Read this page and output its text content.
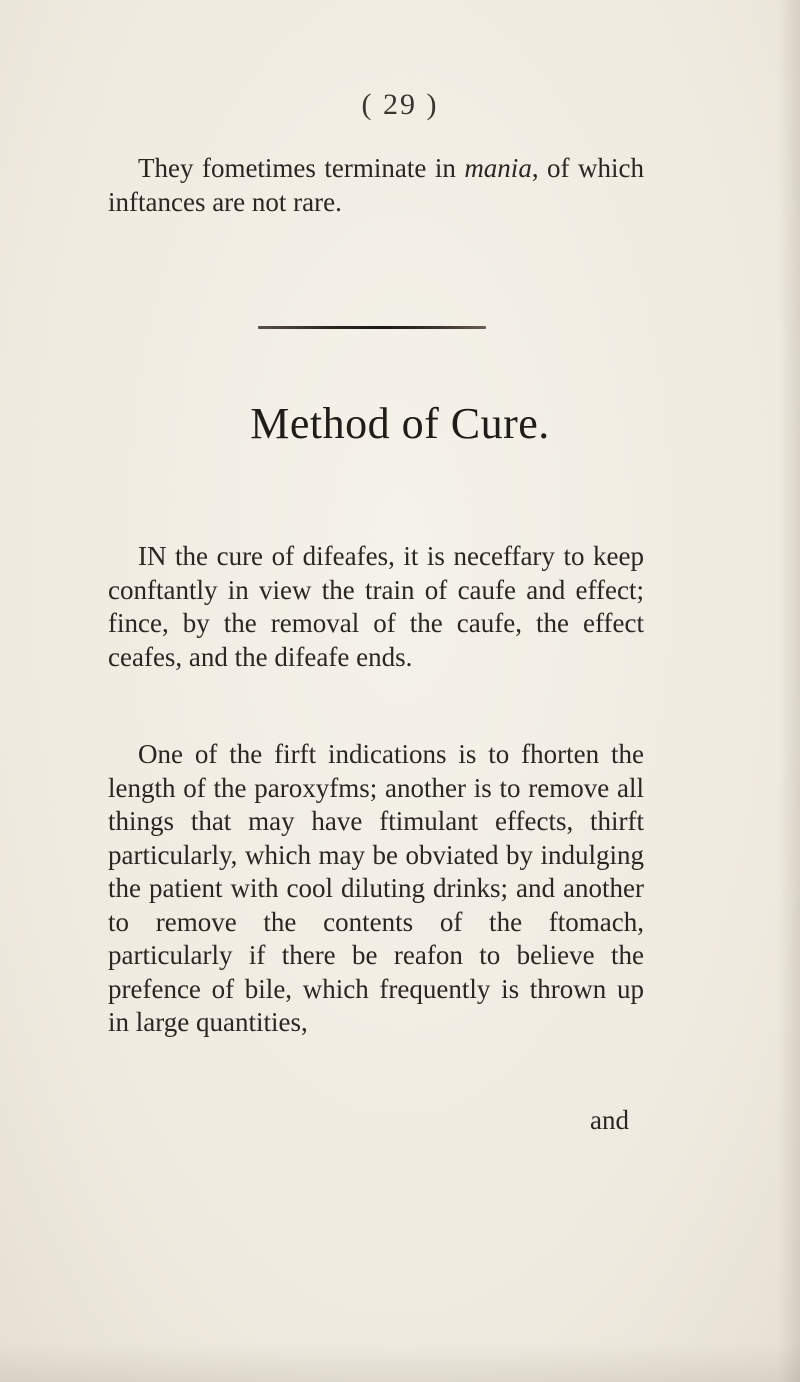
( 29 )
They fometimes terminate in mania, of which inftances are not rare.
Method of Cure.
IN the cure of difeafes, it is neceffary to keep conftantly in view the train of caufe and effect; fince, by the removal of the caufe, the effect ceafes, and the difeafe ends.
One of the firft indications is to fhorten the length of the paroxyfms; another is to remove all things that may have ftimulant effects, thirft particularly, which may be obviated by indulging the patient with cool diluting drinks; and another to remove the contents of the ftomach, particularly if there be reafon to believe the prefence of bile, which frequently is thrown up in large quantities,
and
